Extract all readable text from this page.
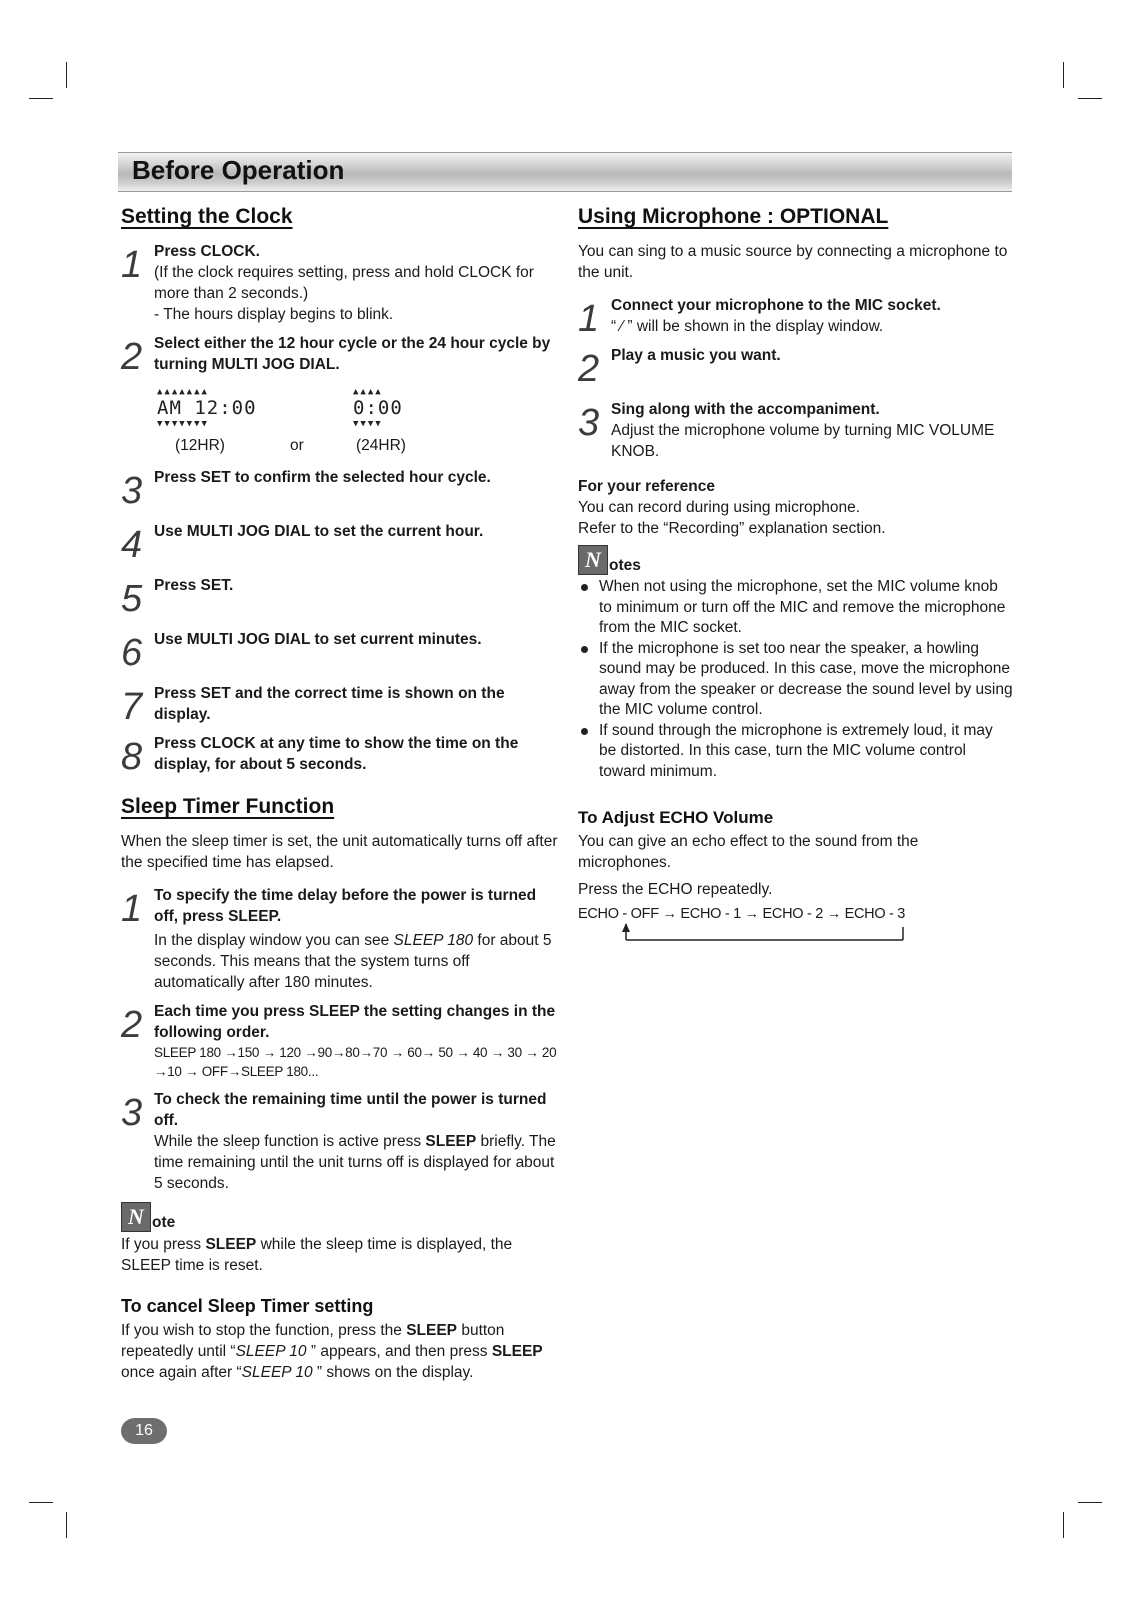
Before Operation
Setting the Clock
1 Press CLOCK.
(If the clock requires setting, press and hold CLOCK for more than 2 seconds.)
- The hours display begins to blink.
2 Select either the 12 hour cycle or the 24 hour cycle by turning MULTI JOG DIAL.
▲▲▲▲▲▲▲
AM 12:00
▼▼▼▼▼▼▼
▲▲▲▲
0:00
▼▼▼▼
(12HR)	or	(24HR)
3 Press SET to confirm the selected hour cycle.
4 Use MULTI JOG DIAL to set the current hour.
5 Press SET.
6 Use MULTI JOG DIAL to set current minutes.
7 Press SET and the correct time is shown on the display.
8 Press CLOCK at any time to show the time on the display, for about 5 seconds.
Sleep Timer Function

When the sleep timer is set, the unit automatically turns off after the specified time has elapsed.

1 To specify the time delay before the power is turned off, press SLEEP.
In the display window you can see SLEEP 180 for about 5 seconds. This means that the system turns off automatically after 180 minutes.
2 Each time you press SLEEP the setting changes in the following order.
SLEEP 180 →150 → 120 →90→80→70 → 60→ 50 → 40 → 30 → 20 →10 → OFF→SLEEP 180...
3 To check the remaining time until the power is turned off.
While the sleep function is active press SLEEP briefly. The time remaining until the unit turns off is displayed for about 5 seconds.
N ote

If you press SLEEP while the sleep time is displayed, the SLEEP time is reset.

To cancel Sleep Timer setting

If you wish to stop the function, press the SLEEP button repeatedly until “SLEEP 10 ” appears, and then press SLEEP once again after “SLEEP 10 ” shows on the display.

Using Microphone : OPTIONAL

You can sing to a music source by connecting a microphone to the unit.

1 Connect your microphone to the MIC socket.
“ ⁄ ” will be shown in the display window.
2 Play a music you want.
3 Sing along with the accompaniment.
Adjust the microphone volume by turning MIC VOLUME KNOB.

For your reference

You can record during using microphone.

Refer to the “Recording” explanation section.

N otes
When not using the microphone, set the MIC volume knob to minimum or turn off the MIC and remove the microphone from the MIC socket.
If the microphone is set too near the speaker, a howling sound may be produced. In this case, move the microphone away from the speaker or decrease the sound level by using the MIC volume control.
If sound through the microphone is extremely loud, it may be distorted. In this case, turn the MIC volume control toward minimum.
To Adjust ECHO Volume

You can give an echo effect to the sound from the microphones.

Press the ECHO repeatedly.

ECHO - OFF → ECHO - 1 → ECHO - 2 → ECHO - 3
16
